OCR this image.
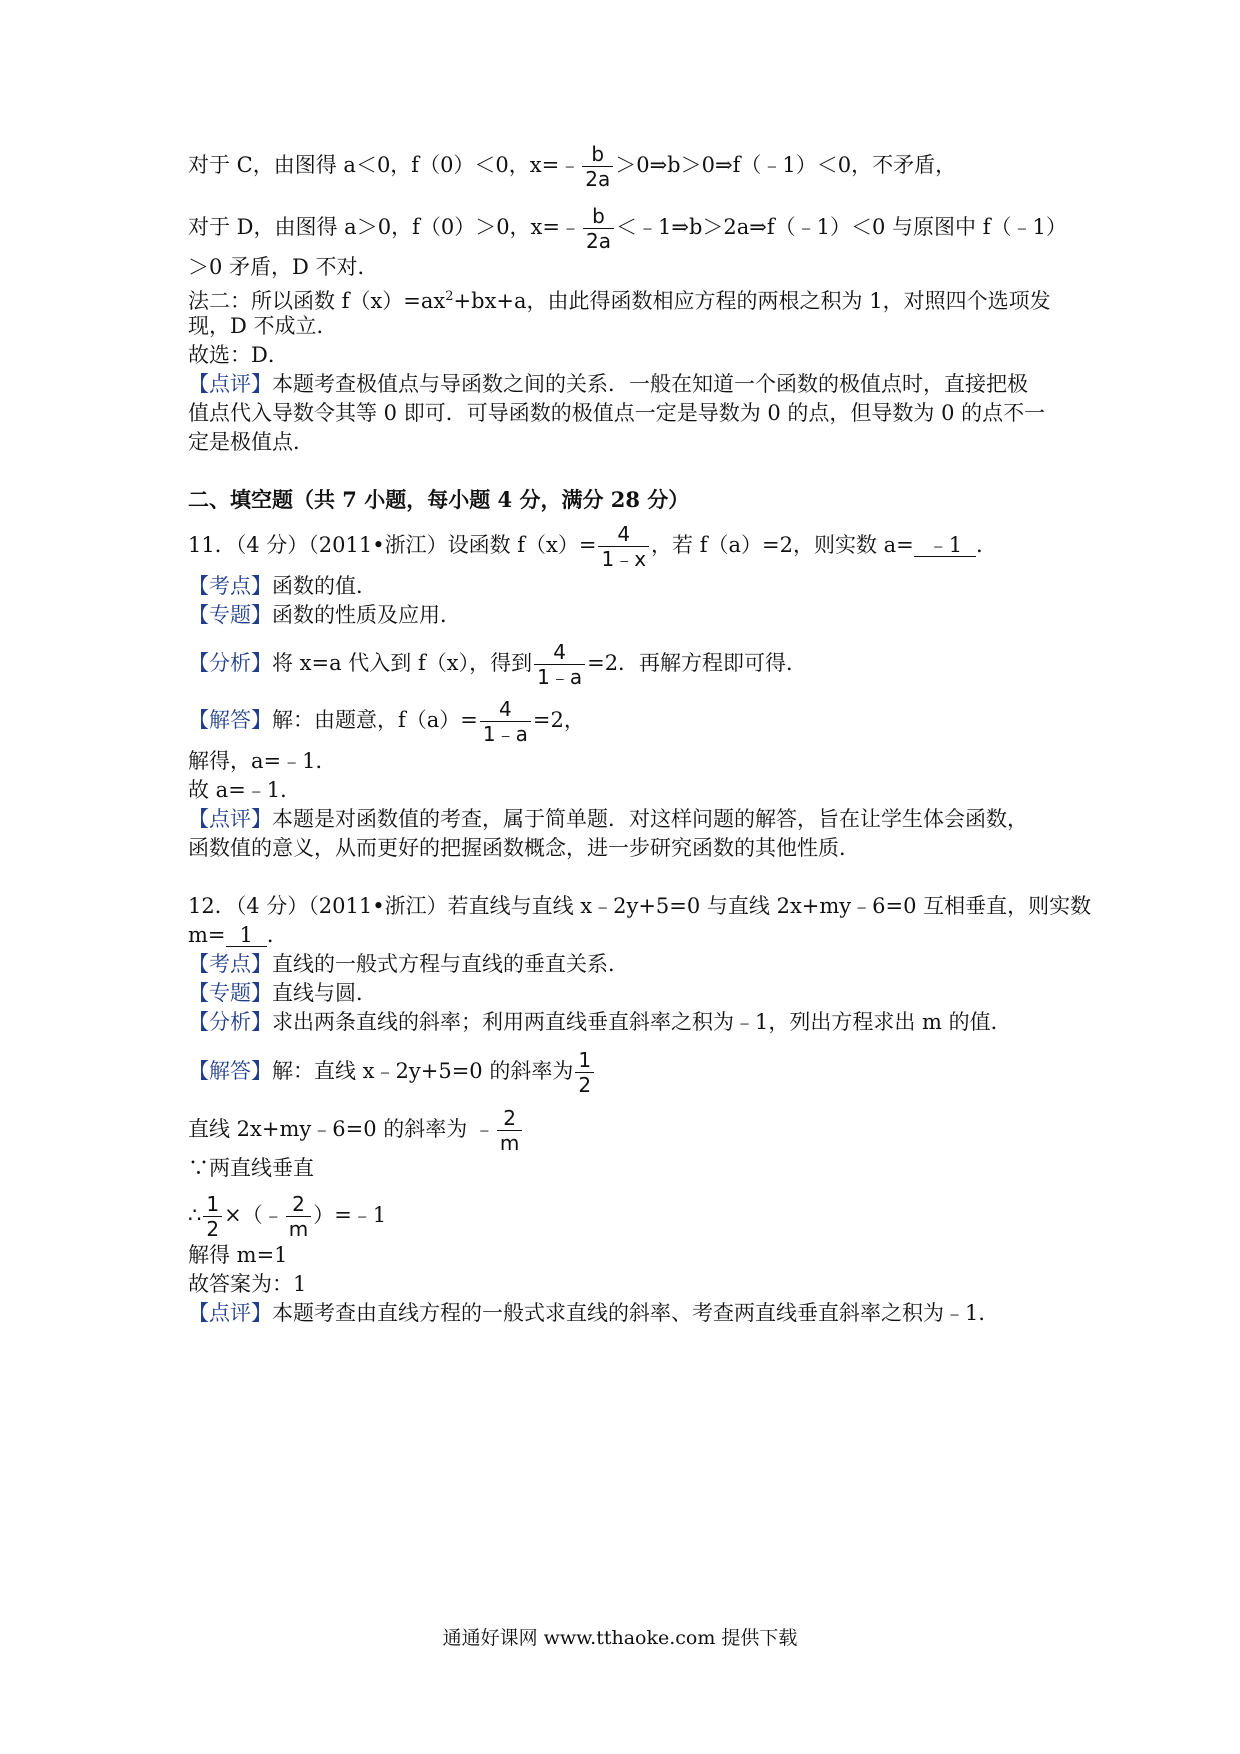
对于 C，由图得 a＜0，f（0）＜0，x=﹣ $\frac{b}{2a}$ ＞0⇒b＞0⇒f（﹣1）＜0，不矛盾，
对于 D，由图得 a＞0，f（0）＞0，x=﹣ $\frac{b}{2a}$ ＜﹣1⇒b＞2a⇒f（﹣1）＜0 与原图中 f（﹣1）
＞0 矛盾，D 不对．
法二：所以函数 $f(x)=ax^2+bx+a$，由此得函数相应方程的两根之积为 1，对照四个选项发
现，D 不成立．
故选：D．
【点评】本题考查极值点与导函数之间的关系．一般在知道一个函数的极值点时，直接把极
值点代入导数令其等 0 即可．可导函数的极值点一定是导数为 0 的点，但导数为 0 的点不一
定是极值点．
二、填空题（共 7 小题，每小题 4 分，满分 28 分）
11．（4 分）（2011•浙江）设函数 $f(x)= \frac{4}{1﹣x}$ ，若 f（a）=2，则实数 a= ﹣1 ．
【考点】函数的值．
【专题】函数的性质及应用．
【分析】将 x=a 代入到 f（x），得到 $\frac{4}{1﹣a} =2$．再解方程即可得．
【解答】解：由题意，$f(a)= \frac{4}{1﹣a} =2$，
解得，a=﹣1．
故 a=﹣1．
【点评】本题是对函数值的考查，属于简单题．对这样问题的解答，旨在让学生体会函数，
函数值的意义，从而更好的把握函数概念，进一步研究函数的其他性质．
12．（4 分）（2011•浙江）若直线与直线 x﹣2y+5=0 与直线 2x+my﹣6=0 互相垂直，则实数
m= 1 ．
【考点】直线的一般式方程与直线的垂直关系．
【专题】直线与圆．
【分析】求出两条直线的斜率；利用两直线垂直斜率之积为﹣1，列出方程求出 m 的值．
【解答】解：直线 x﹣2y+5=0 的斜率为 $\frac{1}{2}$
直线 2x+my﹣6=0 的斜率为 ﹣ $\frac{2}{m}$
∵两直线垂直
∴ $\frac{1}{2}$ ×（﹣ $\frac{2}{m}$ ）=﹣1
解得 m=1
故答案为：1
【点评】本题考查由直线方程的一般式求直线的斜率、考查两直线垂直斜率之积为﹣1．
通通好课网 www.tthaoke.com 提供下载
